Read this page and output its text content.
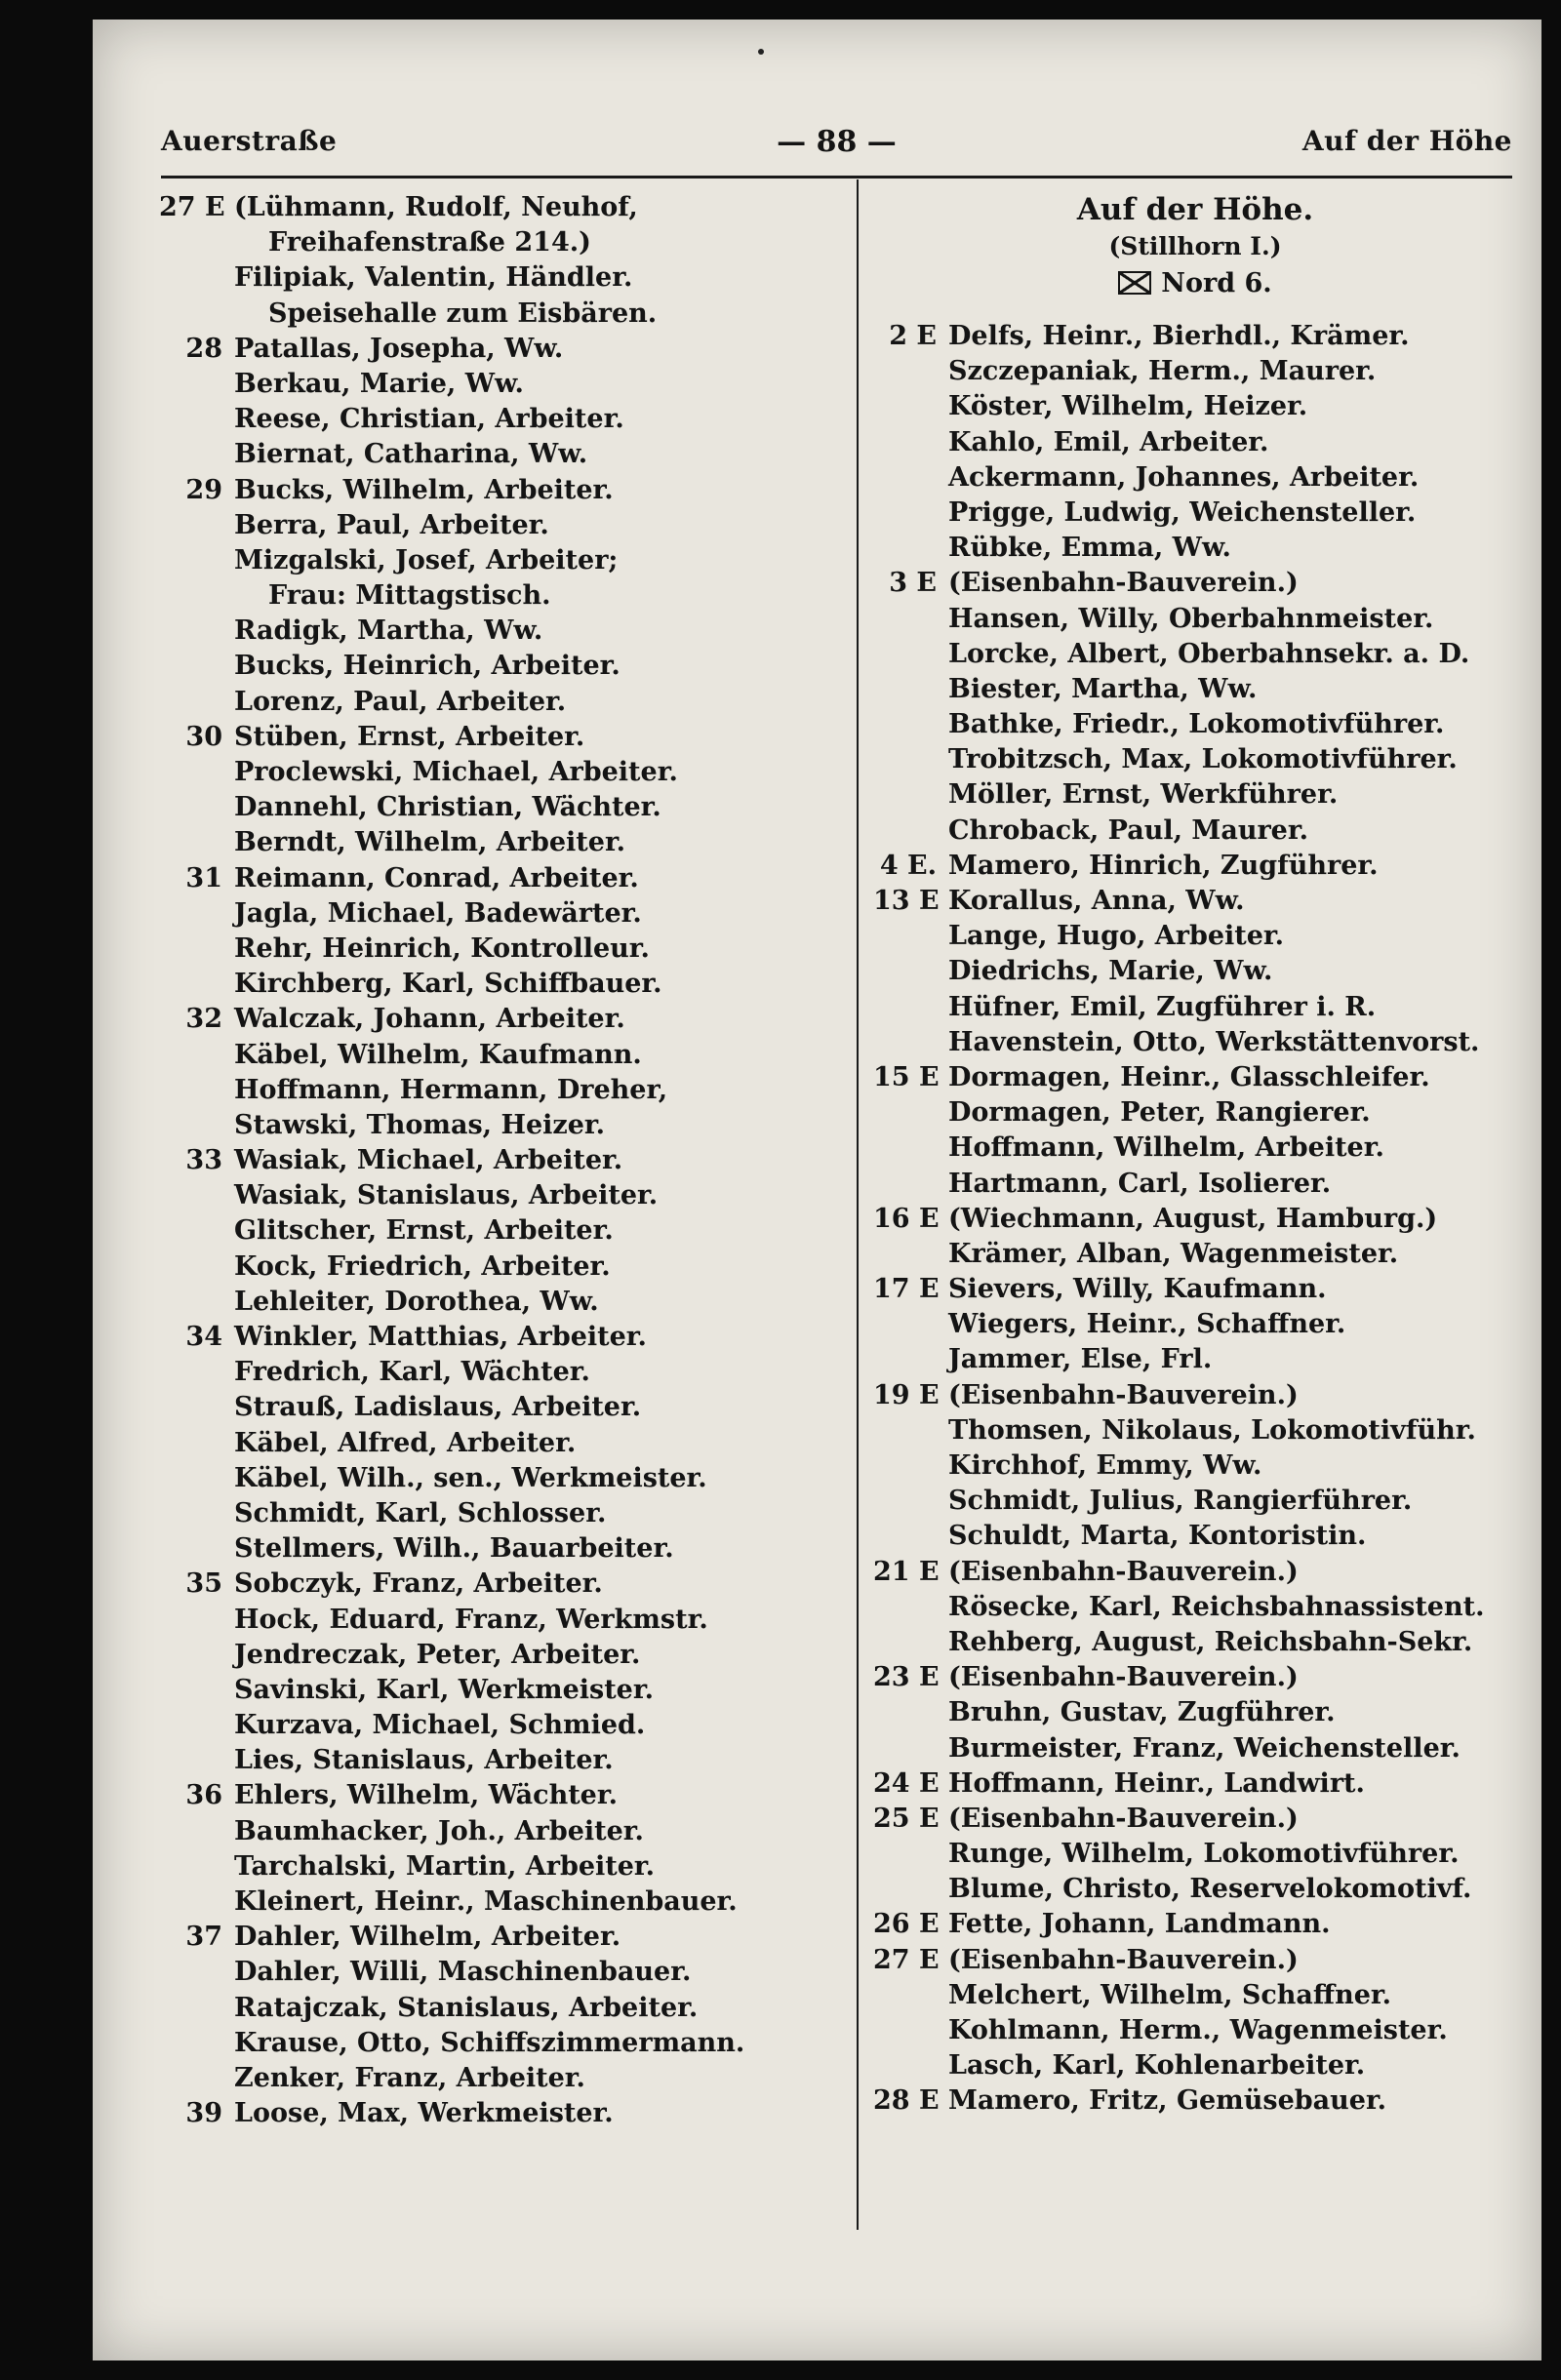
Auerstraße	— 88 —	Auf der Höhe
27 E (Lühmann, Rudolf, Neuhof,
Freihafenstraße 214.)
Filipiak, Valentin, Händler.
Speisehalle zum Eisbären.
28 Patallas, Josepha, Ww.
Berkau, Marie, Ww.
Reese, Christian, Arbeiter.
Biernat, Catharina, Ww.
29 Bucks, Wilhelm, Arbeiter.
Berra, Paul, Arbeiter.
Mizgalski, Josef, Arbeiter;
Frau: Mittagstisch.
Radigk, Martha, Ww.
Bucks, Heinrich, Arbeiter.
Lorenz, Paul, Arbeiter.
30 Stüben, Ernst, Arbeiter.
Proclewski, Michael, Arbeiter.
Dannehl, Christian, Wächter.
Berndt, Wilhelm, Arbeiter.
31 Reimann, Conrad, Arbeiter.
Jagla, Michael, Badewärter.
Rehr, Heinrich, Kontrolleur.
Kirchberg, Karl, Schiffbauer.
32 Walczak, Johann, Arbeiter.
Käbel, Wilhelm, Kaufmann.
Hoffmann, Hermann, Dreher,
Stawski, Thomas, Heizer.
33 Wasiak, Michael, Arbeiter.
Wasiak, Stanislaus, Arbeiter.
Glitscher, Ernst, Arbeiter.
Kock, Friedrich, Arbeiter.
Lehleiter, Dorothea, Ww.
34 Winkler, Matthias, Arbeiter.
Fredrich, Karl, Wächter.
Strauß, Ladislaus, Arbeiter.
Käbel, Alfred, Arbeiter.
Käbel, Wilh., sen., Werkmeister.
Schmidt, Karl, Schlosser.
Stellmers, Wilh., Bauarbeiter.
35 Sobczyk, Franz, Arbeiter.
Hock, Eduard, Franz, Werkmstr.
Jendreczak, Peter, Arbeiter.
Savinski, Karl, Werkmeister.
Kurzava, Michael, Schmied.
Lies, Stanislaus, Arbeiter.
36 Ehlers, Wilhelm, Wächter.
Baumhacker, Joh., Arbeiter.
Tarchalski, Martin, Arbeiter.
Kleinert, Heinr., Maschinenbauer.
37 Dahler, Wilhelm, Arbeiter.
Dahler, Willi, Maschinenbauer.
Ratajczak, Stanislaus, Arbeiter.
Krause, Otto, Schiffszimmermann.
Zenker, Franz, Arbeiter.
39 Loose, Max, Werkmeister.
Auf der Höhe.
(Stillhorn I.)
Nord 6.
2 E Delfs, Heinr., Bierhdl., Krämer.
Szczepaniak, Herm., Maurer.
Köster, Wilhelm, Heizer.
Kahlo, Emil, Arbeiter.
Ackermann, Johannes, Arbeiter.
Prigge, Ludwig, Weichensteller.
Rübke, Emma, Ww.
3 E (Eisenbahn-Bauverein.)
Hansen, Willy, Oberbahnmeister.
Lorcke, Albert, Oberbahnsekr. a. D.
Biester, Martha, Ww.
Bathke, Friedr., Lokomotivführer.
Trobitzsch, Max, Lokomotivführer.
Möller, Ernst, Werkführer.
Chroback, Paul, Maurer.
4 E. Mamero, Hinrich, Zugführer.
13 E Korallus, Anna, Ww.
Lange, Hugo, Arbeiter.
Diedrichs, Marie, Ww.
Hüfner, Emil, Zugführer i. R.
Havenstein, Otto, Werkstättenvorst.
15 E Dormagen, Heinr., Glasschleifer.
Dormagen, Peter, Rangierer.
Hoffmann, Wilhelm, Arbeiter.
Hartmann, Carl, Isolierer.
16 E (Wiechmann, August, Hamburg.)
Krämer, Alban, Wagenmeister.
17 E Sievers, Willy, Kaufmann.
Wiegers, Heinr., Schaffner.
Jammer, Else, Frl.
19 E (Eisenbahn-Bauverein.)
Thomsen, Nikolaus, Lokomotivführ.
Kirchhof, Emmy, Ww.
Schmidt, Julius, Rangierführer.
Schuldt, Marta, Kontoristin.
21 E (Eisenbahn-Bauverein.)
Rösecke, Karl, Reichsbahnassistent.
Rehberg, August, Reichsbahn-Sekr.
23 E (Eisenbahn-Bauverein.)
Bruhn, Gustav, Zugführer.
Burmeister, Franz, Weichensteller.
24 E Hoffmann, Heinr., Landwirt.
25 E (Eisenbahn-Bauverein.)
Runge, Wilhelm, Lokomotivführer.
Blume, Christo, Reservelokomotivf.
26 E Fette, Johann, Landmann.
27 E (Eisenbahn-Bauverein.)
Melchert, Wilhelm, Schaffner.
Kohlmann, Herm., Wagenmeister.
Lasch, Karl, Kohlenarbeiter.
28 E Mamero, Fritz, Gemüsebauer.
